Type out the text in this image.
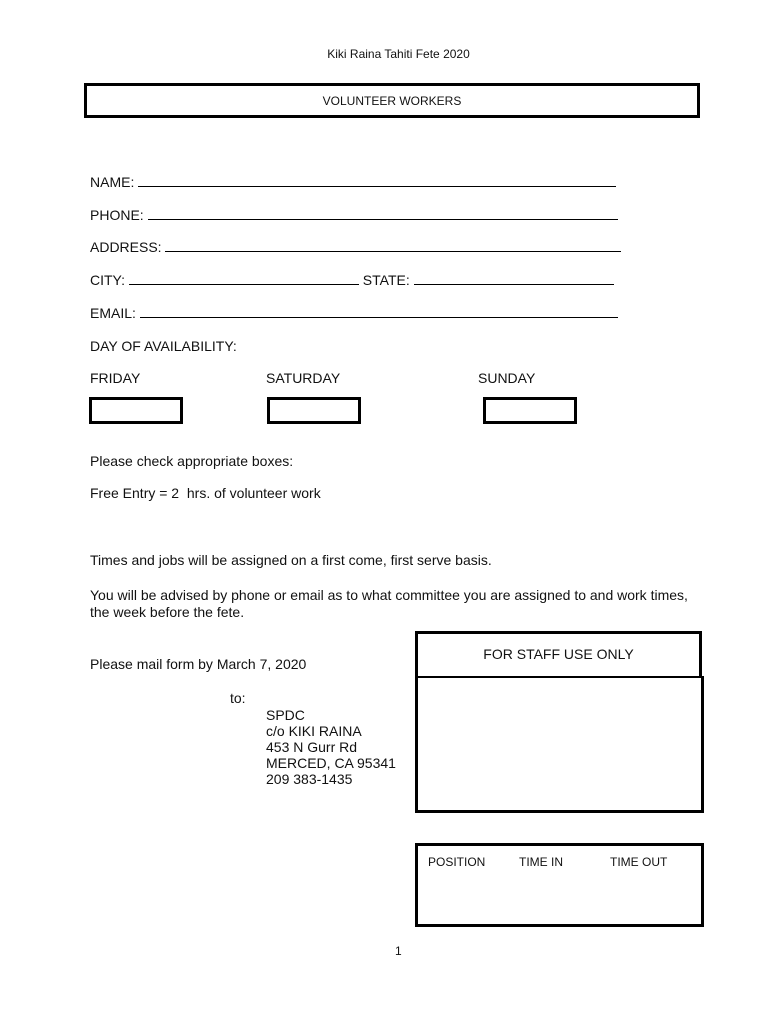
Kiki Raina Tahiti Fete 2020
VOLUNTEER WORKERS
NAME:
PHONE:
ADDRESS:
CITY:	STATE:
EMAIL:
DAY OF AVAILABILITY:
FRIDAY	SATURDAY	SUNDAY
Please check appropriate boxes:
Free Entry = 2  hrs. of volunteer work
Times and jobs will be assigned on a first come, first serve basis.
You will be advised by phone or email as to what committee you are assigned to and work times,
the week before the fete.
Please mail form by March 7, 2020
to:
SPDC
c/o KIKI RAINA
453 N Gurr Rd
MERCED, CA 95341
209 383-1435
FOR STAFF USE ONLY
POSITION	TIME IN	TIME OUT
1
